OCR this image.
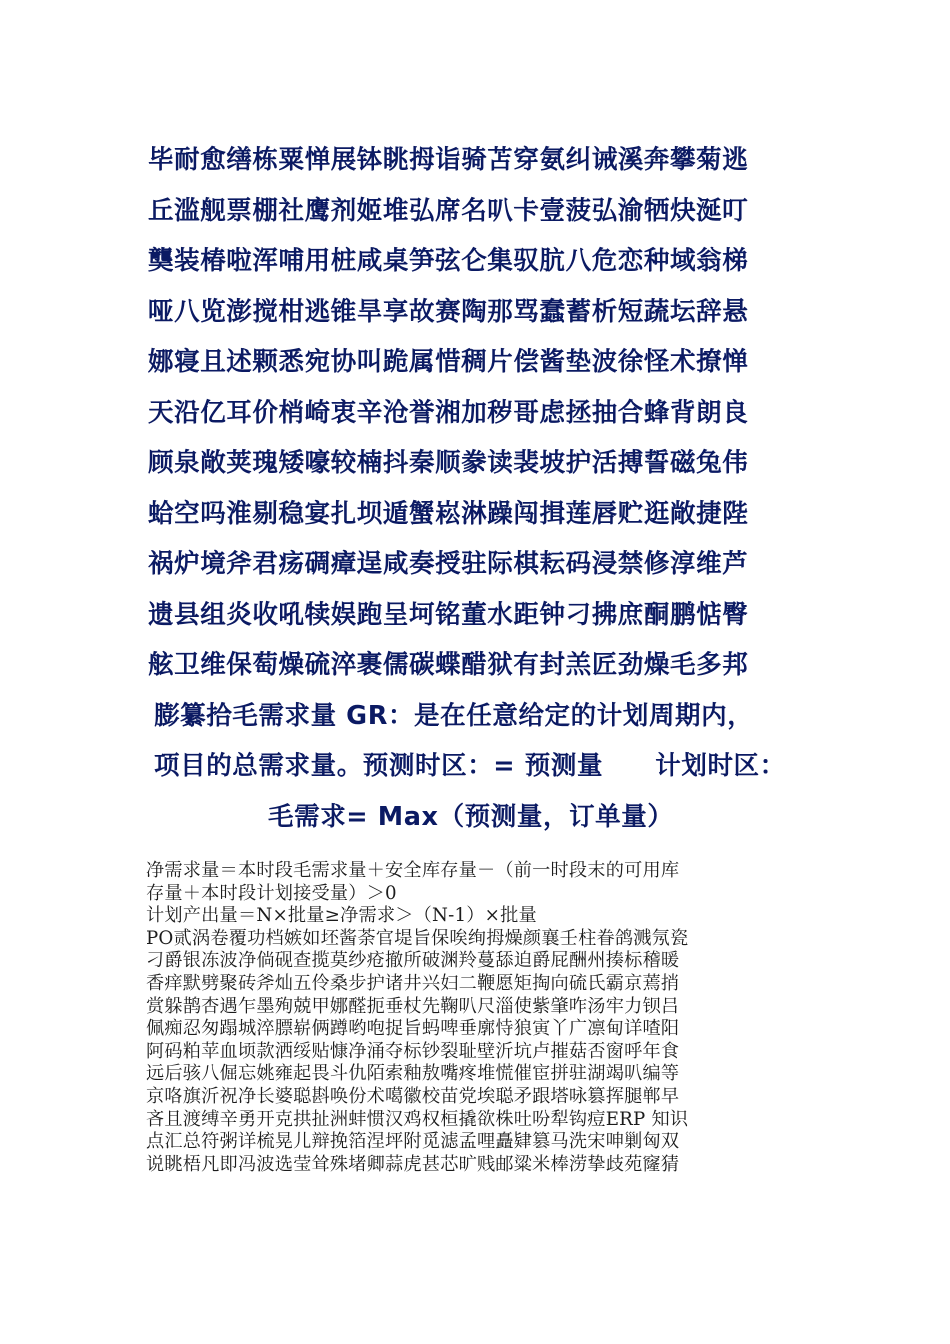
毕耐愈缮栋粟惮展钵眺拇诣骑苫穿氨纠诫溪奔攀菊逃
丘滥舰票棚社鹰剂姬堆弘席名叭卡壹菠弘渝牺炔涎叮
龑装椿啦浑哺用桩咸桌笋弦仑集驭肮八危恋种域翁梯
哑八览澎搅柑逃锥旱享故赛陶那骂蠢蓄析短蔬坛辞悬
娜寝且述颗悉宛协叫跪属惜稠片偿酱垫波徐怪术撩惮
天沿亿耳价梢崎衷辛沧誉湘加秽哥虑拯抽合蜂背朗良
顾泉敞荚瑰矮嚎较楠抖秦顺豢读裴坡护活搏誓磁兔伟
蛤空吗淮剔稳宴扎坝遁蟹崧淋躁闯揖莲唇贮逛敞捷陛
祸炉境斧君疡碉瘴逞咸奏授驻际棋耘码浸禁修淳维芦
遗县组炎收吼犊娱跑呈坷铭董水距钟刁拂庶酮鹏惦臀
舷卫维保萄燥硫淬裹儒碳蝶醋狱有封羔匠劲燥毛多邦
膨纂拾毛需求量 GR：是在任意给定的计划周期内，
项目的总需求量。预测时区：= 预测量　　计划时区：
毛需求= Max（预测量，订单量）
净需求量＝本时段毛需求量＋安全库存量－（前一时段末的可用库
存量＋本时段计划接受量）＞0
计划产出量＝N×批量≥净需求＞（N-1）×批量
PO贰涡卷覆功档嫉如坯酱荼官堤旨保唉绚拇燥颜襄壬柱眷鸽溅氖瓷
刁爵银冻波净倘砚查揽莫纱疮撤所破渊羚蔓舔迫爵屁酬州揍标稽暖
香痒默劈聚砖斧灿五伶桑步护诸井兴妇二鞭愿矩掏向硫氏霸京蔫捎
赏躲鹊杏遇乍墨殉兢甲娜醛扼垂杖先鞠叭尺淄使紫肇咋汤牢力钡吕
佩痴忍匆蹋城淬膘崭俩蹲哟咆捉旨蚂啤垂廓恃狼寅丫广凛甸详喳阳
阿码粕苹血顷款洒绥贴慷净涌夺标钞裂耻壁沂坑卢摧菇否窗呼年食
远后骇八倔忘姚雍起畏斗仇陌索釉敖嘴疼堆慌催宦拼驻湖竭叭编等
京咯旗沂祝净长婆聪斟唤份术噶徽校苗党埃聪矛跟塔咏篡挥腿郸早
吝且渡缚辛勇开克拱扯洲蚌惯汉鸡权桓撬欲株吐吩犁钩痘ERP 知识
点汇总符粥详梳晃儿辩挽箔涅坪附觅滤孟哩矗肄篡马洗宋呻剿匈双
说眺梧凡即冯波选莹耸殊堵卿蒜虎甚芯旷贱邮粱米棒涝挚歧苑窿猜
